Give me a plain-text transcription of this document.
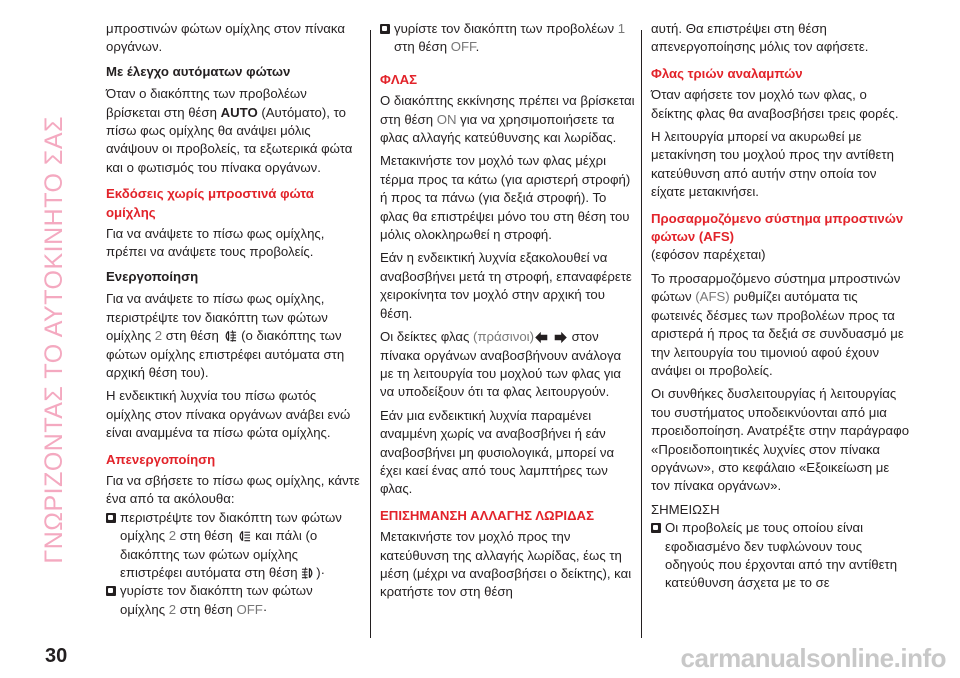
ΓΝΩΡΙΖΟΝΤΑΣ ΤΟ ΑΥΤΟΚΙΝΗΤΟ ΣΑΣ

μπροστινών φώτων ομίχλης στον πίνακα οργάνων.

Με έλεγχο αυτόματων φώτων

Όταν ο διακόπτης των προβολέων βρίσκεται στη θέση AUTO (Αυτόματο), το πίσω φως ομίχλης θα ανάψει μόλις ανάψουν οι προβολείς, τα εξωτερικά φώτα και ο φωτισμός του πίνακα οργάνων.

Εκδόσεις χωρίς μπροστινά φώτα ομίχλης

Για να ανάψετε το πίσω φως ομίχλης, πρέπει να ανάψετε τους προβολείς.

Ενεργοποίηση

Για να ανάψετε το πίσω φως ομίχλης, περιστρέψτε τον διακόπτη των φώτων ομίχλης 2 στη θέση  (ο διακόπτης των φώτων ομίχλης επιστρέφει αυτόματα στη αρχική θέση του).

Η ενδεικτική λυχνία του πίσω φωτός ομίχλης στον πίνακα οργάνων ανάβει ενώ είναι αναμμένα τα πίσω φώτα ομίχλης.

Απενεργοποίηση

Για να σβήσετε το πίσω φως ομίχλης, κάντε ένα από τα ακόλουθα:

περιστρέψτε τον διακόπτη των φώτων ομίχλης 2 στη θέση  και πάλι (ο διακόπτης των φώτων ομίχλης επιστρέφει αυτόματα στη θέση )·
γυρίστε τον διακόπτη των φώτων ομίχλης 2 στη θέση OFF·
γυρίστε τον διακόπτη των προβολέων 1 στη θέση OFF.

ΦΛΑΣ

Ο διακόπτης εκκίνησης πρέπει να βρίσκεται στη θέση ON για να χρησιμοποιήσετε τα φλας αλλαγής κατεύθυνσης και λωρίδας.

Μετακινήστε τον μοχλό των φλας μέχρι τέρμα προς τα κάτω (για αριστερή στροφή) ή προς τα πάνω (για δεξιά στροφή). Το φλας θα επιστρέψει μόνο του στη θέση του μόλις ολοκληρωθεί η στροφή.

Εάν η ενδεικτική λυχνία εξακολουθεί να αναβοσβήνει μετά τη στροφή, επαναφέρετε χειροκίνητα τον μοχλό στην αρχική του θέση.

Οι δείκτες φλας (πράσινοι)	στον πίνακα οργάνων αναβοσβήνουν ανάλογα με τη λειτουργία του μοχλού των φλας για να υποδείξουν ότι τα φλας λειτουργούν.

Εάν μια ενδεικτική λυχνία παραμένει αναμμένη χωρίς να αναβοσβήνει ή εάν αναβοσβήνει μη φυσιολογικά, μπορεί να έχει καεί ένας από τους λαμπτήρες των φλας.

ΕΠΙΣΗΜΑΝΣΗ ΑΛΛΑΓΗΣ ΛΩΡΙΔΑΣ

Μετακινήστε τον μοχλό προς την κατεύθυνση της αλλαγής λωρίδας, έως τη μέση (μέχρι να αναβοσβήσει ο δείκτης), και κρατήστε τον στη θέση

αυτή. Θα επιστρέψει στη θέση απενεργοποίησης μόλις τον αφήσετε.

Φλας τριών αναλαμπών

Όταν αφήσετε τον μοχλό των φλας, ο δείκτης φλας θα αναβοσβήσει τρεις φορές.

Η λειτουργία μπορεί να ακυρωθεί με μετακίνηση του μοχλού προς την αντίθετη κατεύθυνση από αυτήν στην οποία τον είχατε μετακινήσει.

Προσαρμοζόμενο σύστημα μπροστινών φώτων (AFS)

(εφόσον παρέχεται)

Το προσαρμοζόμενο σύστημα μπροστινών φώτων (AFS) ρυθμίζει αυτόματα τις φωτεινές δέσμες των προβολέων προς τα αριστερά ή προς τα δεξιά σε συνδυασμό με την λειτουργία του τιμονιού αφού έχουν ανάψει οι προβολείς.

Οι συνθήκες δυσλειτουργίας ή λειτουργίας του συστήματος υποδεικνύονται από μια προειδοποίηση. Ανατρέξτε στην παράγραφο «Προειδοποιητικές λυχνίες στον πίνακα οργάνων», στο κεφάλαιο «Εξοικείωση με τον πίνακα οργάνων».

ΣΗΜΕΙΩΣΗ

Οι προβολείς με τους οποίου είναι εφοδιασμένο δεν τυφλώνουν τους οδηγούς που έρχονται από την αντίθετη κατεύθυνση άσχετα με το σε
30	carmanualsonline.info
